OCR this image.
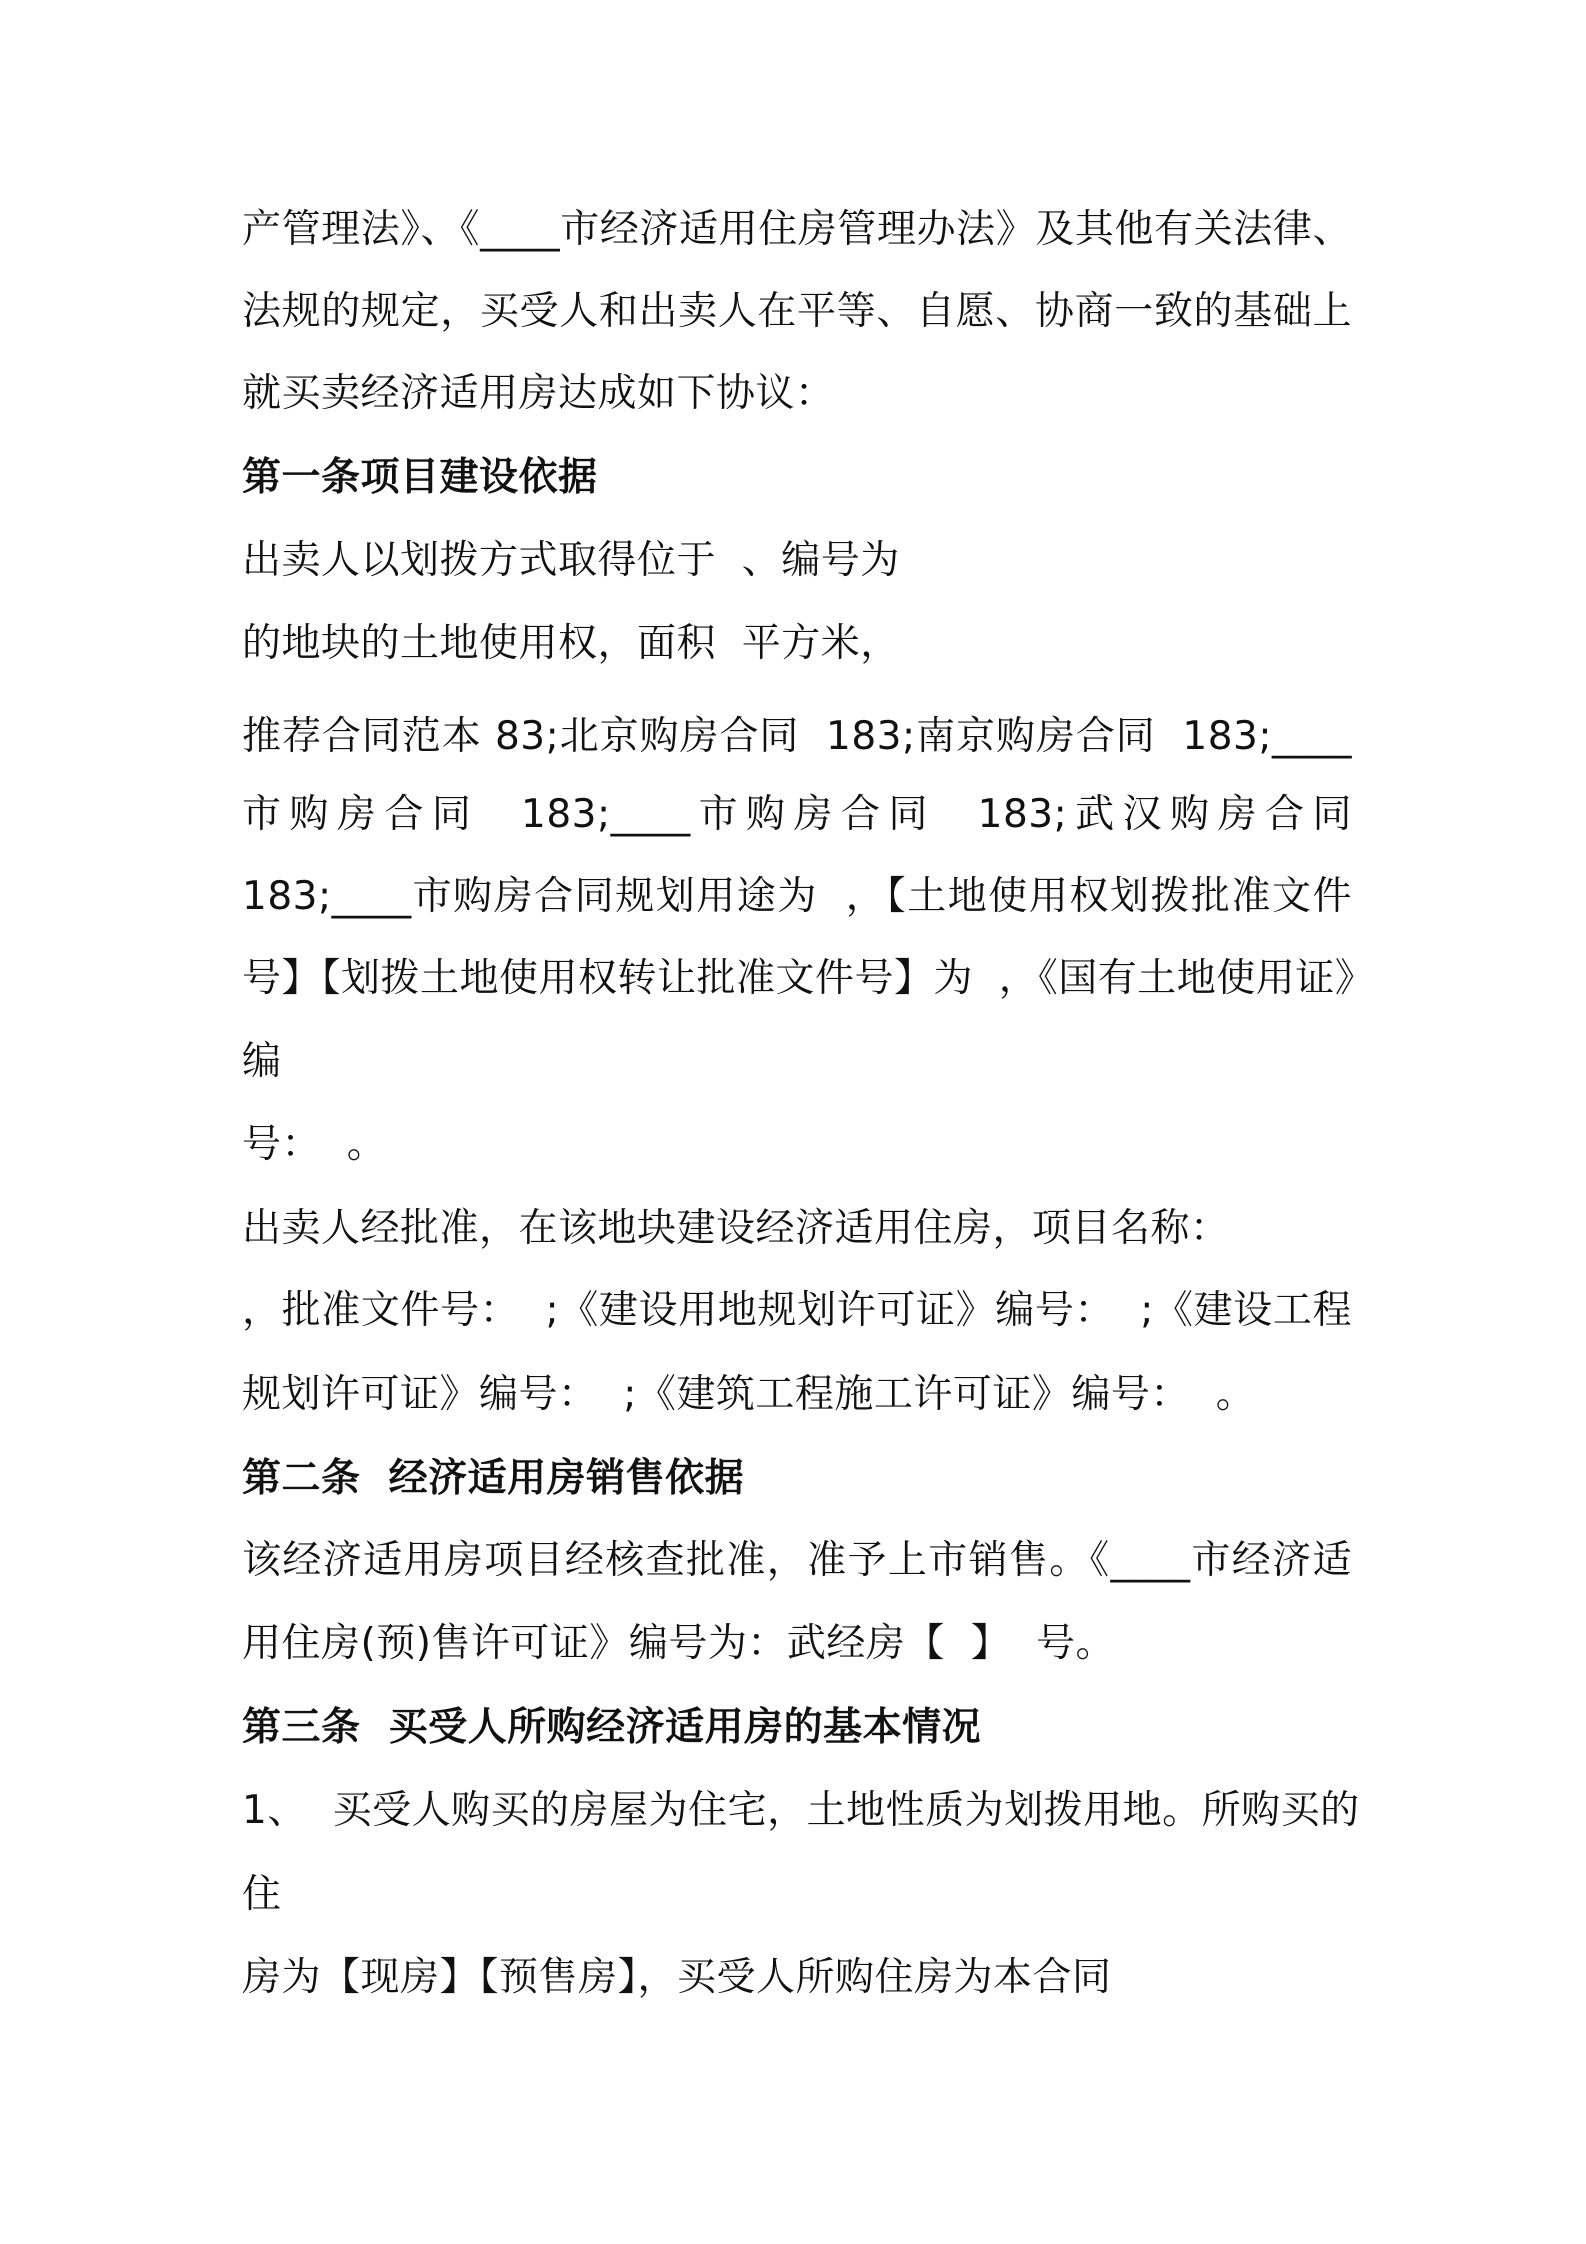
产管理法》、《____市经济适用住房管理办法》及其他有关法律、
法规的规定，买受人和出卖人在平等、自愿、协商一致的基础上
就买卖经济适用房达成如下协议：
第一条项目建设依据
出卖人以划拨方式取得位于  、编号为
的地块的土地使用权，面积  平方米，
推荐合同范本 83;北京购房合同  183;南京购房合同  183;____
市购房合同  183;____市购房合同  183;武汉购房合同
183;____市购房合同规划用途为  ，【土地使用权划拨批准文件
号】【划拨土地使用权转让批准文件号】为  ，《国有土地使用证》
编
号：  。
出卖人经批准，在该地块建设经济适用住房，项目名称：
，批准文件号：  ;《建设用地规划许可证》编号：  ;《建设工程
规划许可证》编号：  ;《建筑工程施工许可证》编号：  。
第二条  经济适用房销售依据
该经济适用房项目经核查批准，准予上市销售。《____市经济适
用住房(预)售许可证》编号为：武经房【  】  号。
第三条  买受人所购经济适用房的基本情况
1、  买受人购买的房屋为住宅，土地性质为划拨用地。所购买的
住
房为【现房】【预售房】，买受人所购住房为本合同
